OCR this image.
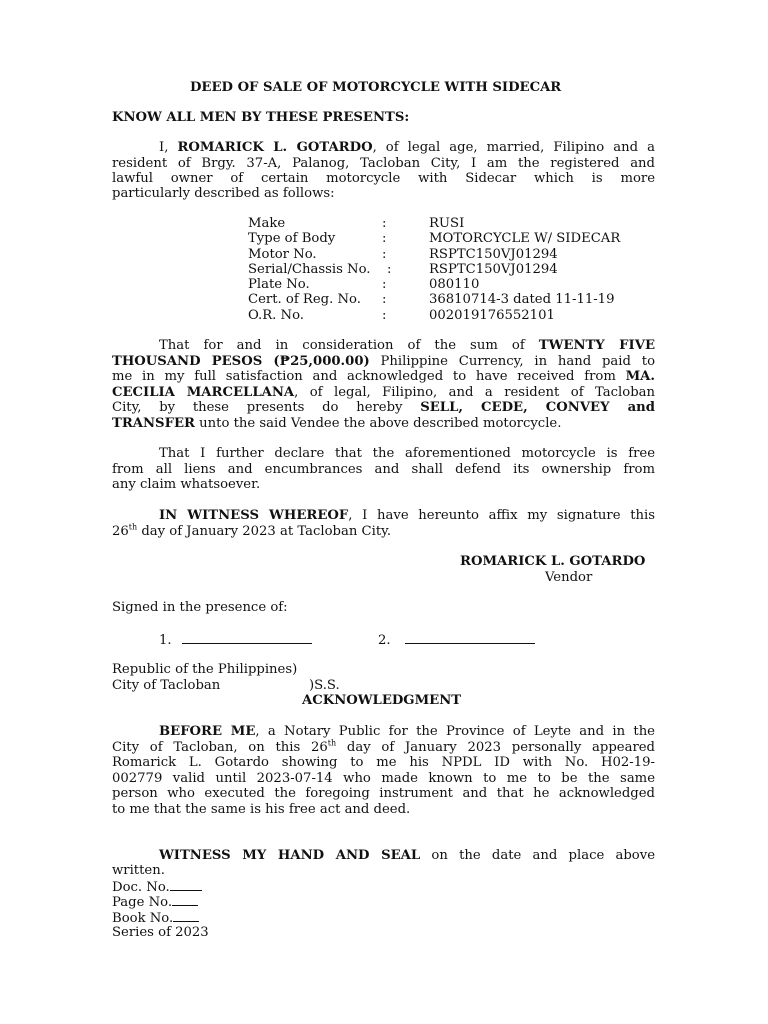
DEED OF SALE OF MOTORCYCLE WITH SIDECAR
KNOW ALL MEN BY THESE PRESENTS:
I, ROMARICK L. GOTARDO, of legal age, married, Filipino and a
resident of Brgy. 37-A, Palanog, Tacloban City, I am the registered and
lawful owner of certain motorcycle with Sidecar which is more
particularly described as follows:
Make	:	RUSI
Type of Body	:	MOTORCYCLE W/ SIDECAR
Motor No.	:	RSPTC150VJ01294
Serial/Chassis No. :	RSPTC150VJ01294
Plate No.	:	080110
Cert. of Reg. No. :	36810714-3 dated 11-11-19
O.R. No.	:	002019176552101
That for and in consideration of the sum of TWENTY FIVE
THOUSAND PESOS (₱25,000.00) Philippine Currency, in hand paid to
me in my full satisfaction and acknowledged to have received from MA.
CECILIA MARCELLANA, of legal, Filipino, and a resident of Tacloban
City, by these presents do hereby SELL, CEDE, CONVEY and
TRANSFER unto the said Vendee the above described motorcycle.
That I further declare that the aforementioned motorcycle is free
from all liens and encumbrances and shall defend its ownership from
any claim whatsoever.
IN WITNESS WHEREOF, I have hereunto affix my signature this
26th day of January 2023 at Tacloban City.
ROMARICK L. GOTARDO
Vendor
Signed in the presence of:
1.	2.
Republic of the Philippines)
City of Tacloban	)S.S.
ACKNOWLEDGMENT
BEFORE ME, a Notary Public for the Province of Leyte and in the
City of Tacloban, on this 26th day of January 2023 personally appeared
Romarick L. Gotardo showing to me his NPDL ID with No. H02-19-
002779 valid until 2023-07-14 who made known to me to be the same
person who executed the foregoing instrument and that he acknowledged
to me that the same is his free act and deed.
WITNESS MY HAND AND SEAL on the date and place above
written.
Doc. No.
Page No.
Book No.
Series of 2023
